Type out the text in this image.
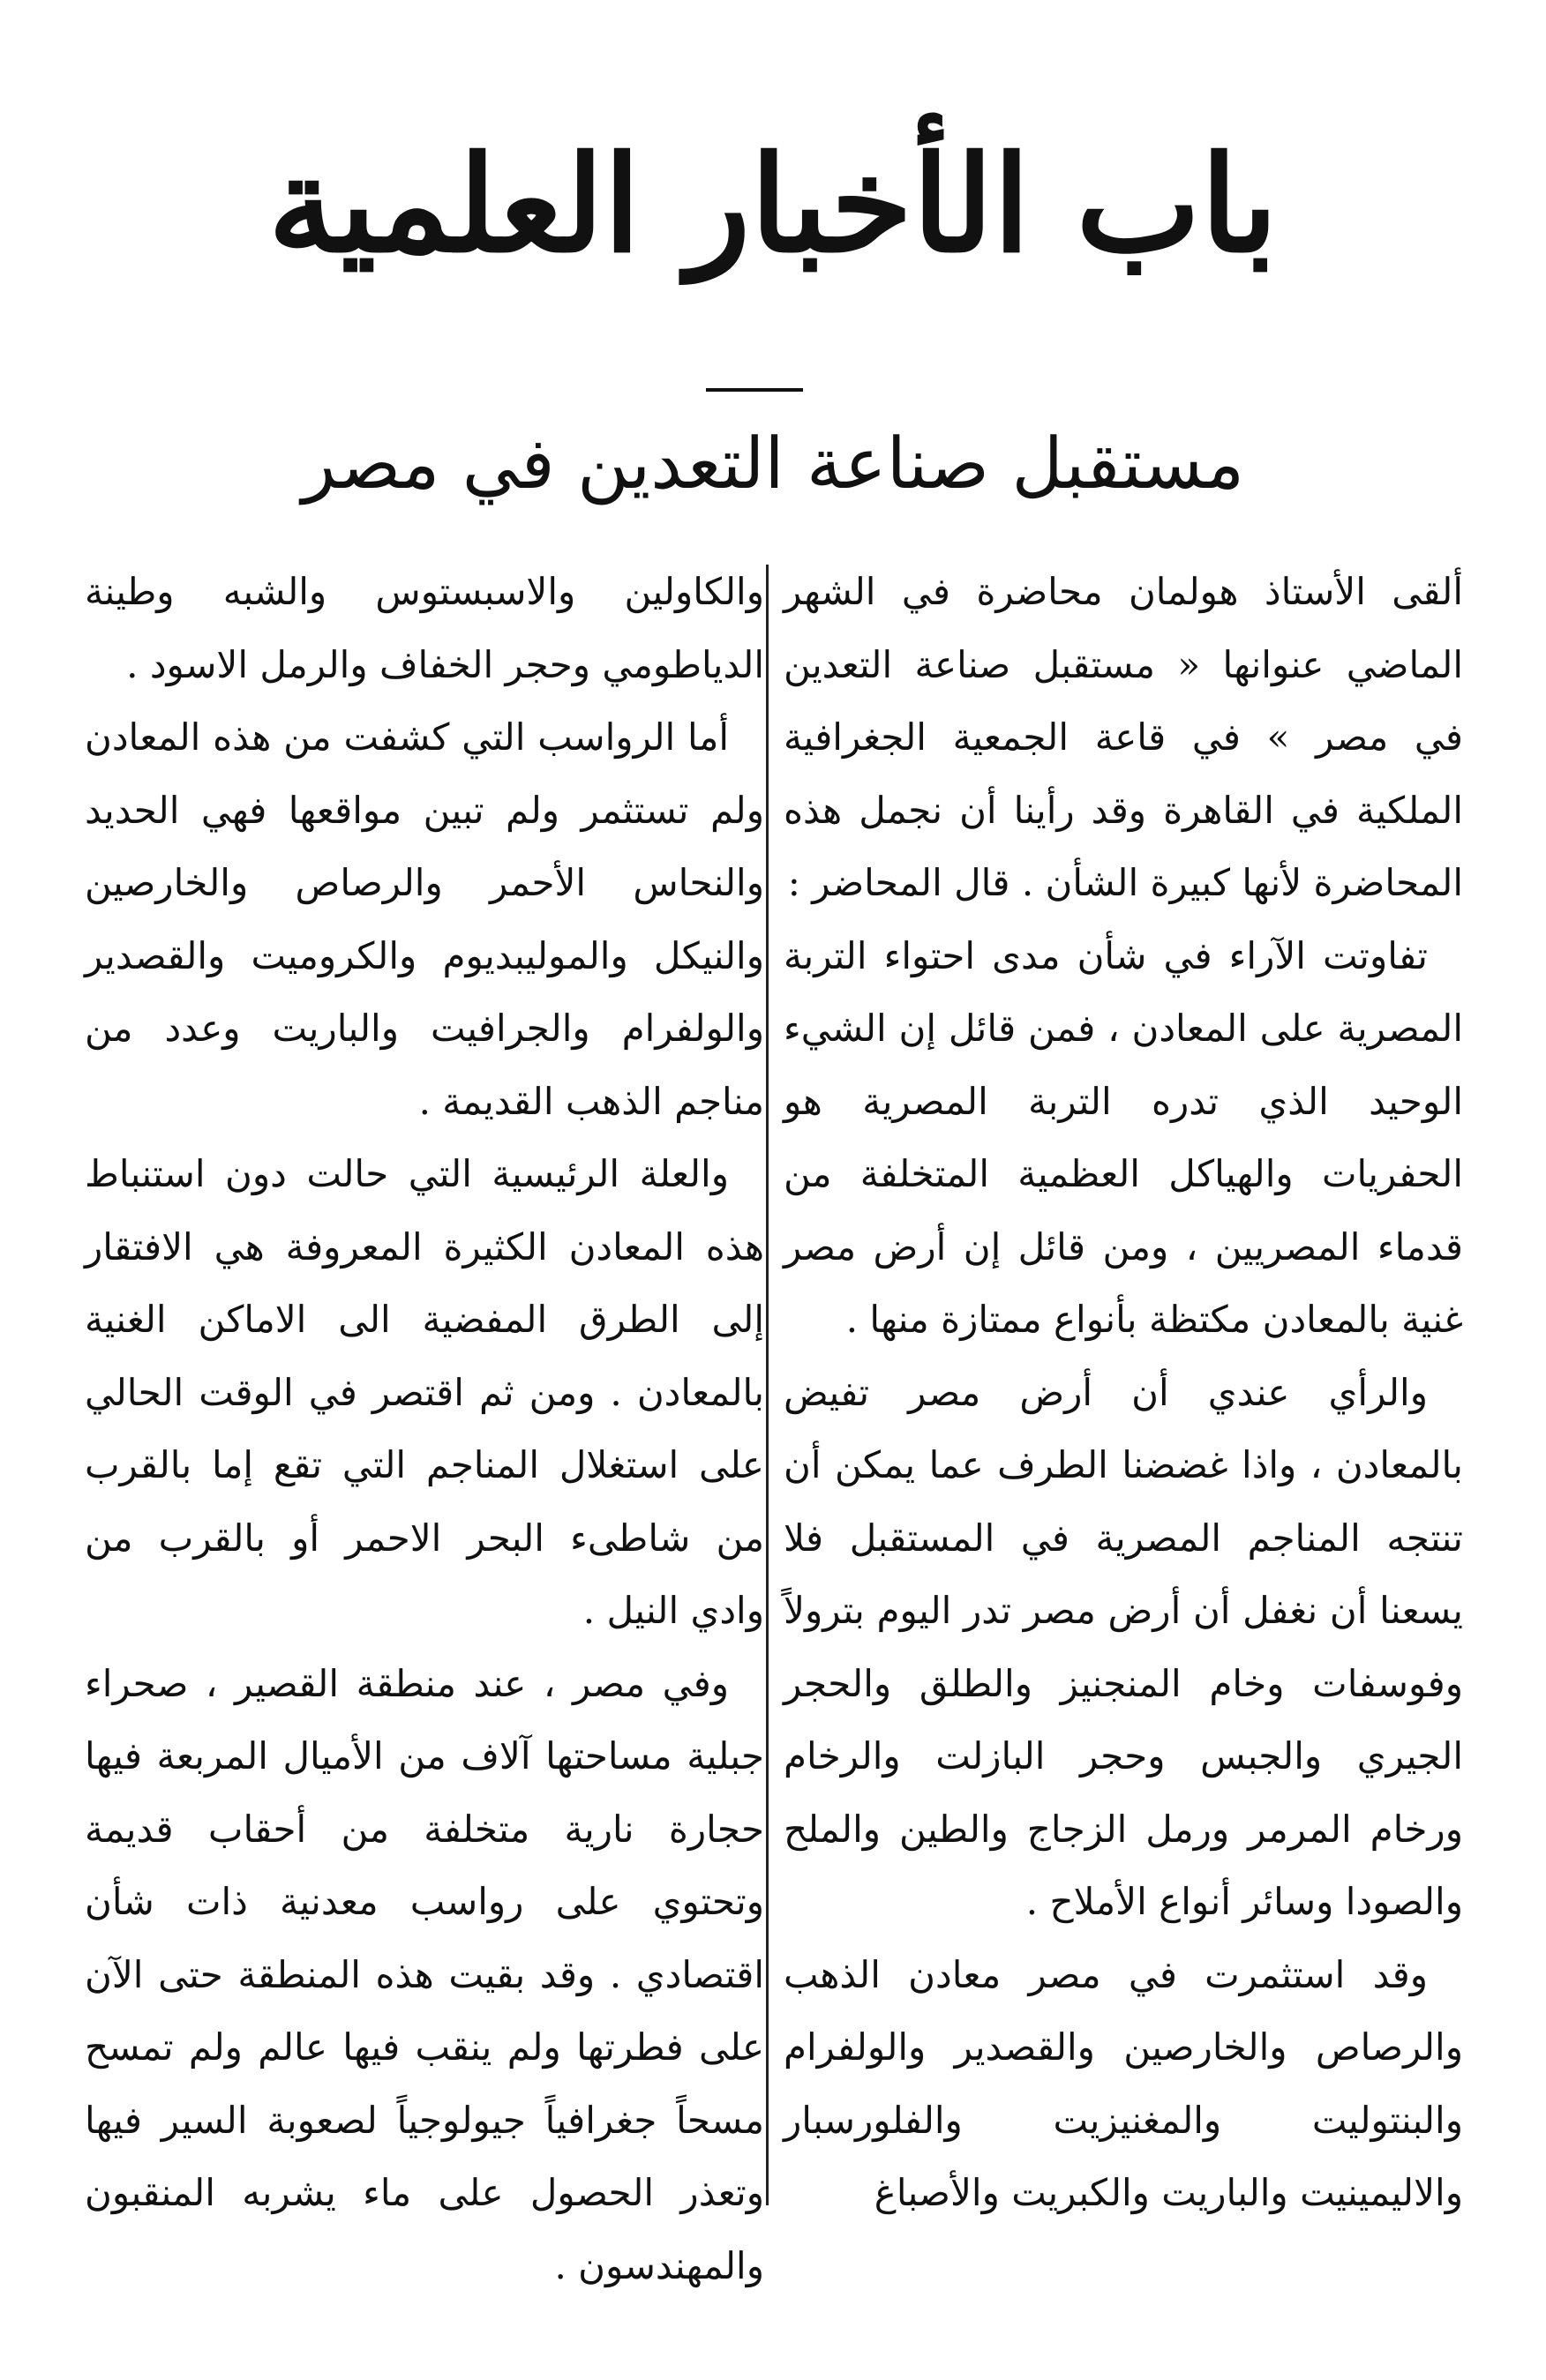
باب الأخبار العلمية
مستقبل صناعة التعدين في مصر

ألقى الأستاذ هولمان محاضرة في الشهر الماضي عنوانها « مستقبل صناعة التعدين في مصر » في قاعة الجمعية الجغرافية الملكية في القاهرة وقد رأينا أن نجمل هذه المحاضرة لأنها كبيرة الشأن . قال المحاضر :

تفاوتت الآراء في شأن مدى احتواء التربة المصرية على المعادن ، فمن قائل إن الشيء الوحيد الذي تدره التربة المصرية هو الحفريات والهياكل العظمية المتخلفة من قدماء المصريين ، ومن قائل إن أرض مصر غنية بالمعادن مكتظة بأنواع ممتازة منها .

والرأي عندي أن أرض مصر تفيض بالمعادن ، واذا غضضنا الطرف عما يمكن أن تنتجه المناجم المصرية في المستقبل فلا يسعنا أن نغفل أن أرض مصر تدر اليوم بترولاً وفوسفات وخام المنجنيز والطلق والحجر الجيري والجبس وحجر البازلت والرخام ورخام المرمر ورمل الزجاج والطين والملح والصودا وسائر أنواع الأملاح .

وقد استثمرت في مصر معادن الذهب والرصاص والخارصين والقصدير والولفرام والبنتوليت والمغنيزيت والفلورسبار والاليمينيت والباريت والكبريت والأصباغ

والكاولين والاسبستوس والشبه وطينة الدياطومي وحجر الخفاف والرمل الاسود .

أما الرواسب التي كشفت من هذه المعادن ولم تستثمر ولم تبين مواقعها فهي الحديد والنحاس الأحمر والرصاص والخارصين والنيكل والموليبديوم والكروميت والقصدير والولفرام والجرافيت والباريت وعدد من مناجم الذهب القديمة .

والعلة الرئيسية التي حالت دون استنباط هذه المعادن الكثيرة المعروفة هي الافتقار إلى الطرق المفضية الى الاماكن الغنية بالمعادن . ومن ثم اقتصر في الوقت الحالي على استغلال المناجم التي تقع إما بالقرب من شاطىء البحر الاحمر أو بالقرب من وادي النيل .

وفي مصر ، عند منطقة القصير ، صحراء جبلية مساحتها آلاف من الأميال المربعة فيها حجارة نارية متخلفة من أحقاب قديمة وتحتوي على رواسب معدنية ذات شأن اقتصادي . وقد بقيت هذه المنطقة حتى الآن على فطرتها ولم ينقب فيها عالم ولم تمسح مسحاً جغرافياً جيولوجياً لصعوبة السير فيها وتعذر الحصول على ماء يشربه المنقبون والمهندسون .
